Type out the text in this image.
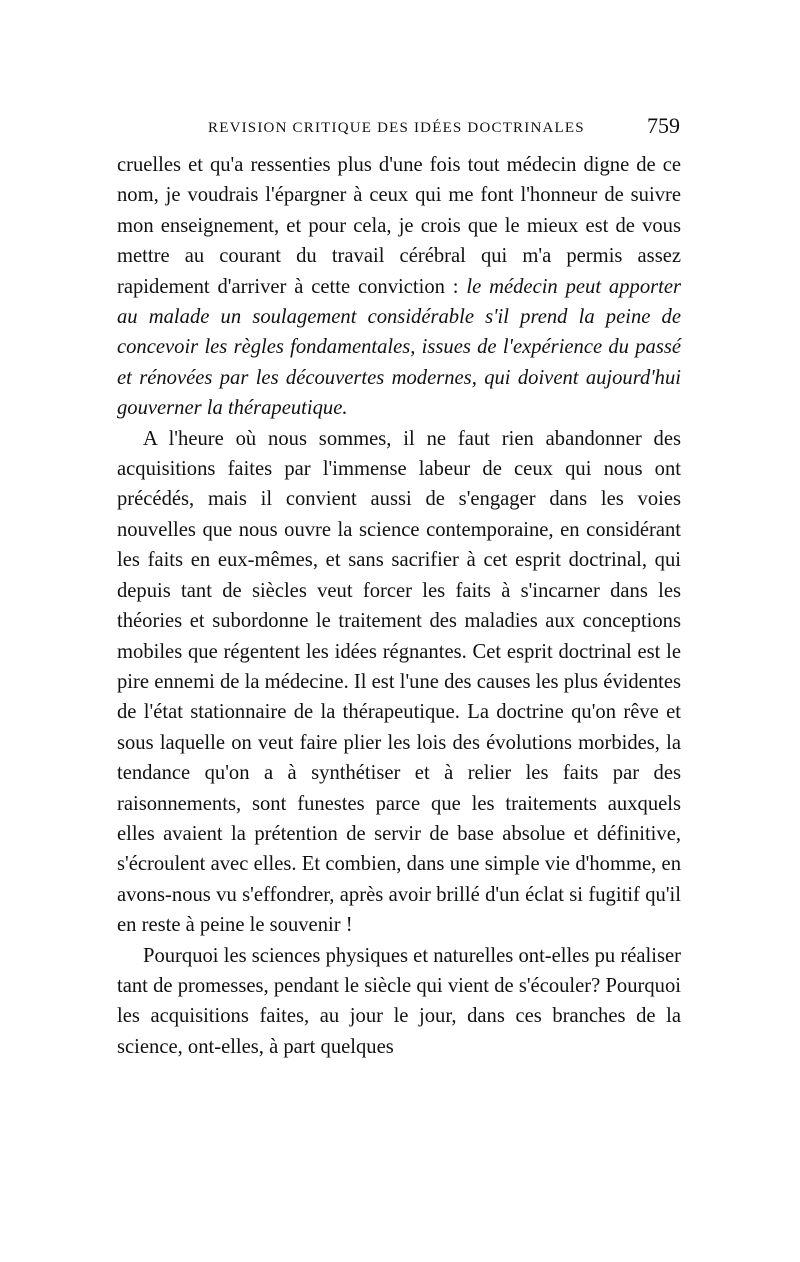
REVISION CRITIQUE DES IDÉES DOCTRINALES	759

cruelles et qu'a ressenties plus d'une fois tout médecin digne de ce nom, je voudrais l'épargner à ceux qui me font l'honneur de suivre mon enseignement, et pour cela, je crois que le mieux est de vous mettre au courant du travail cérébral qui m'a permis assez rapidement d'arriver à cette conviction : le médecin peut apporter au malade un soulagement considérable s'il prend la peine de concevoir les règles fondamentales, issues de l'expérience du passé et rénovées par les découvertes modernes, qui doivent aujourd'hui gouverner la thérapeutique.

A l'heure où nous sommes, il ne faut rien abandonner des acquisitions faites par l'immense labeur de ceux qui nous ont précédés, mais il convient aussi de s'engager dans les voies nouvelles que nous ouvre la science contemporaine, en considérant les faits en eux-mêmes, et sans sacrifier à cet esprit doctrinal, qui depuis tant de siècles veut forcer les faits à s'incarner dans les théories et subordonne le traitement des maladies aux conceptions mobiles que régentent les idées régnantes. Cet esprit doctrinal est le pire ennemi de la médecine. Il est l'une des causes les plus évidentes de l'état stationnaire de la thérapeutique. La doctrine qu'on rêve et sous laquelle on veut faire plier les lois des évolutions morbides, la tendance qu'on a à synthétiser et à relier les faits par des raisonnements, sont funestes parce que les traitements auxquels elles avaient la prétention de servir de base absolue et définitive, s'écroulent avec elles. Et combien, dans une simple vie d'homme, en avons-nous vu s'effondrer, après avoir brillé d'un éclat si fugitif qu'il en reste à peine le souvenir !

Pourquoi les sciences physiques et naturelles ont-elles pu réaliser tant de promesses, pendant le siècle qui vient de s'écouler? Pourquoi les acquisitions faites, au jour le jour, dans ces branches de la science, ont-elles, à part quelques
